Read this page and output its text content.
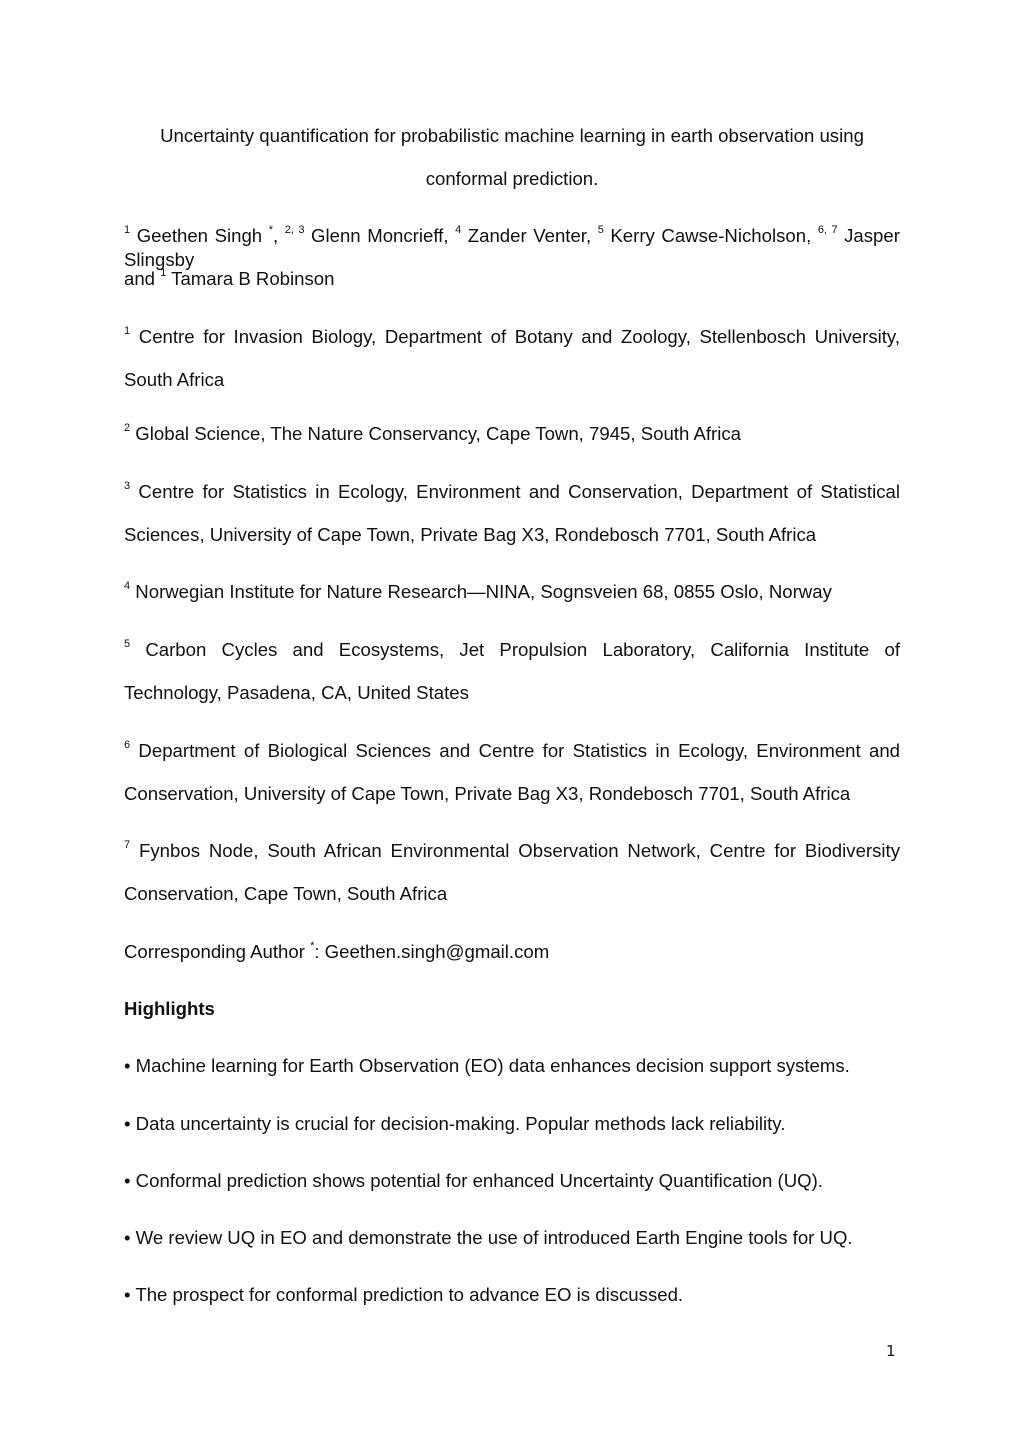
Uncertainty quantification for probabilistic machine learning in earth observation using
conformal prediction.
$^1$ Geethen Singh *, $^{2, 3}$ Glenn Moncrieff, $^4$ Zander Venter, $^5$ Kerry Cawse-Nicholson, $^{6, 7}$ Jasper Slingsby
and $^1$ Tamara B Robinson
$^1$ Centre for Invasion Biology, Department of Botany and Zoology, Stellenbosch University,
South Africa
$^2$ Global Science, The Nature Conservancy, Cape Town, 7945, South Africa
$^3$ Centre for Statistics in Ecology, Environment and Conservation, Department of Statistical
Sciences, University of Cape Town, Private Bag X3, Rondebosch 7701, South Africa
$^4$ Norwegian Institute for Nature Research—NINA, Sognsveien 68, 0855 Oslo, Norway
$^5$ Carbon Cycles and Ecosystems, Jet Propulsion Laboratory, California Institute of
Technology, Pasadena, CA, United States
$^6$ Department of Biological Sciences and Centre for Statistics in Ecology, Environment and
Conservation, University of Cape Town, Private Bag X3, Rondebosch 7701, South Africa
$^7$ Fynbos Node, South African Environmental Observation Network, Centre for Biodiversity
Conservation, Cape Town, South Africa
Corresponding Author *: Geethen.singh@gmail.com
Highlights
• Machine learning for Earth Observation (EO) data enhances decision support systems.
• Data uncertainty is crucial for decision-making. Popular methods lack reliability.
• Conformal prediction shows potential for enhanced Uncertainty Quantification (UQ).
• We review UQ in EO and demonstrate the use of introduced Earth Engine tools for UQ.
• The prospect for conformal prediction to advance EO is discussed.
1
